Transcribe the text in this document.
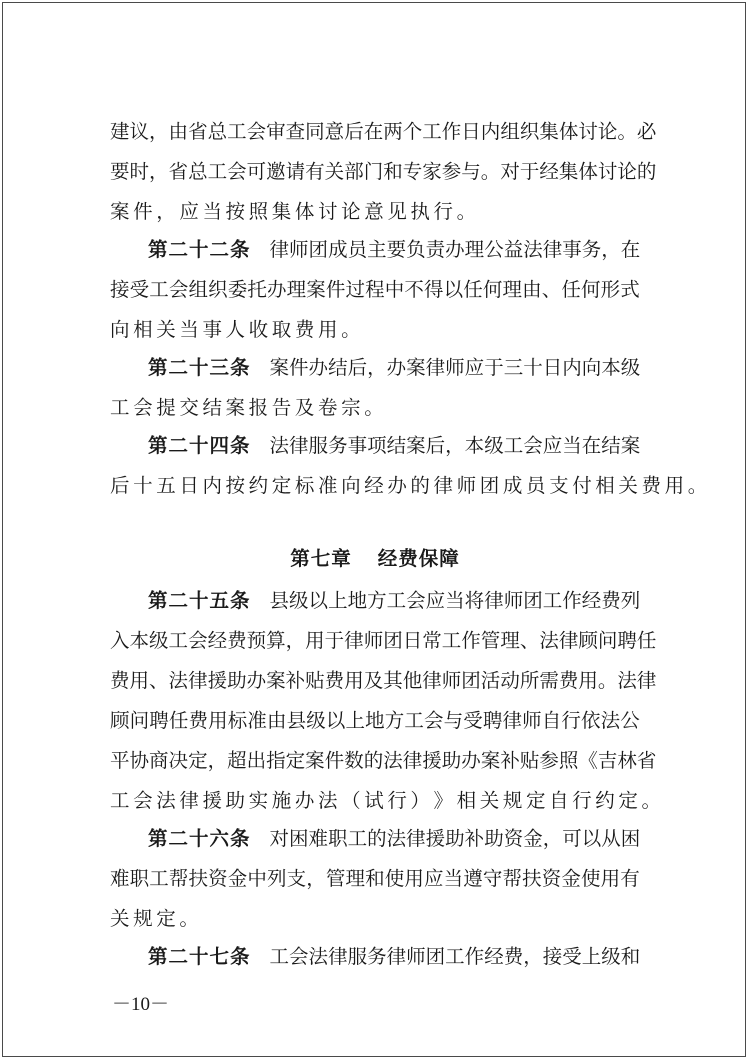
建 议 ， 由 省 总 工 会 审 查 同 意 后 在 两 个 工 作 日 内 组 织 集 体 讨 论 。 必
要 时 ， 省 总 工 会 可 邀 请 有 关 部 门 和 专 家 参 与 。 对 于 经 集 体 讨 论 的
案 件 ， 应 当 按 照 集 体 讨 论 意 见 执 行 。
第二十二条 律 师 团 成 员 主 要 负 责 办 理 公 益 法 律 事 务 ， 在
接 受 工 会 组 织 委 托 办 理 案 件 过 程 中 不 得 以 任 何 理 由 、 任 何 形 式
向 相 关 当 事 人 收 取 费 用 。
第二十三条 案 件 办 结 后 ， 办 案 律 师 应 于 三 十 日 内 向 本 级
工 会 提 交 结 案 报 告 及 卷 宗 。
第二十四条 法 律 服 务 事 项 结 案 后 ， 本 级 工 会 应 当 在 结 案
后 十 五 日 内 按 约 定 标 准 向 经 办 的 律 师 团 成 员 支 付 相 关 费 用 。
第二十五条 县 级 以 上 地 方 工 会 应 当 将 律 师 团 工 作 经 费 列
入 本 级 工 会 经 费 预 算 ， 用 于 律 师 团 日 常 工 作 管 理 、 法 律 顾 问 聘 任
费 用 、 法 律 援 助 办 案 补 贴 费 用 及 其 他 律 师 团 活 动 所 需 费 用 。 法 律
顾 问 聘 任 费 用 标 准 由 县 级 以 上 地 方 工 会 与 受 聘 律 师 自 行 依 法 公
平 协 商 决 定 ， 超 出 指 定 案 件 数 的 法 律 援 助 办 案 补 贴 参 照 《 吉 林 省
工 会 法 律 援 助 实 施 办 法 （ 试 行 ） 》 相 关 规 定 自 行 约 定 。
第二十六条 对 困 难 职 工 的 法 律 援 助 补 助 资 金 ， 可 以 从 困
难 职 工 帮 扶 资 金 中 列 支 ， 管 理 和 使 用 应 当 遵 守 帮 扶 资 金 使 用 有
关 规 定 。
第二十七条 工 会 法 律 服 务 律 师 团 工 作 经 费 ， 接 受 上 级 和
第七章 经费保障
－10－
